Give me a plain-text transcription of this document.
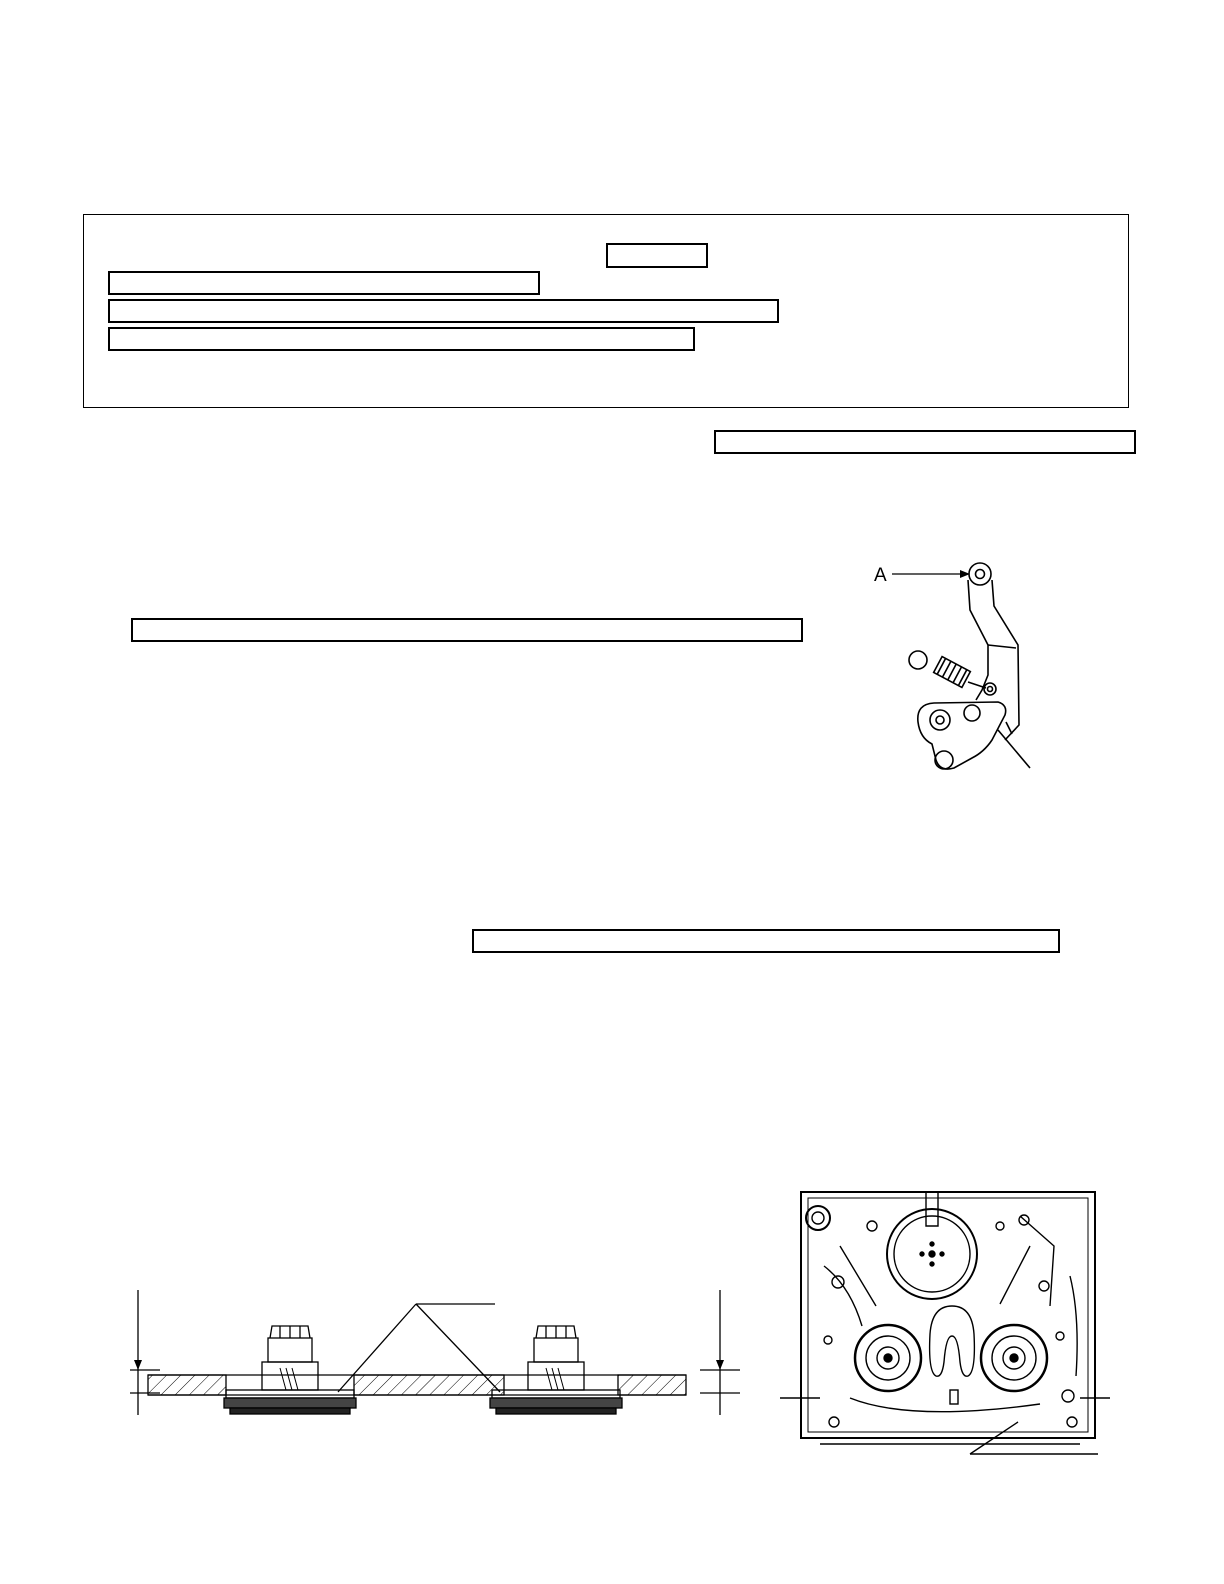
A
